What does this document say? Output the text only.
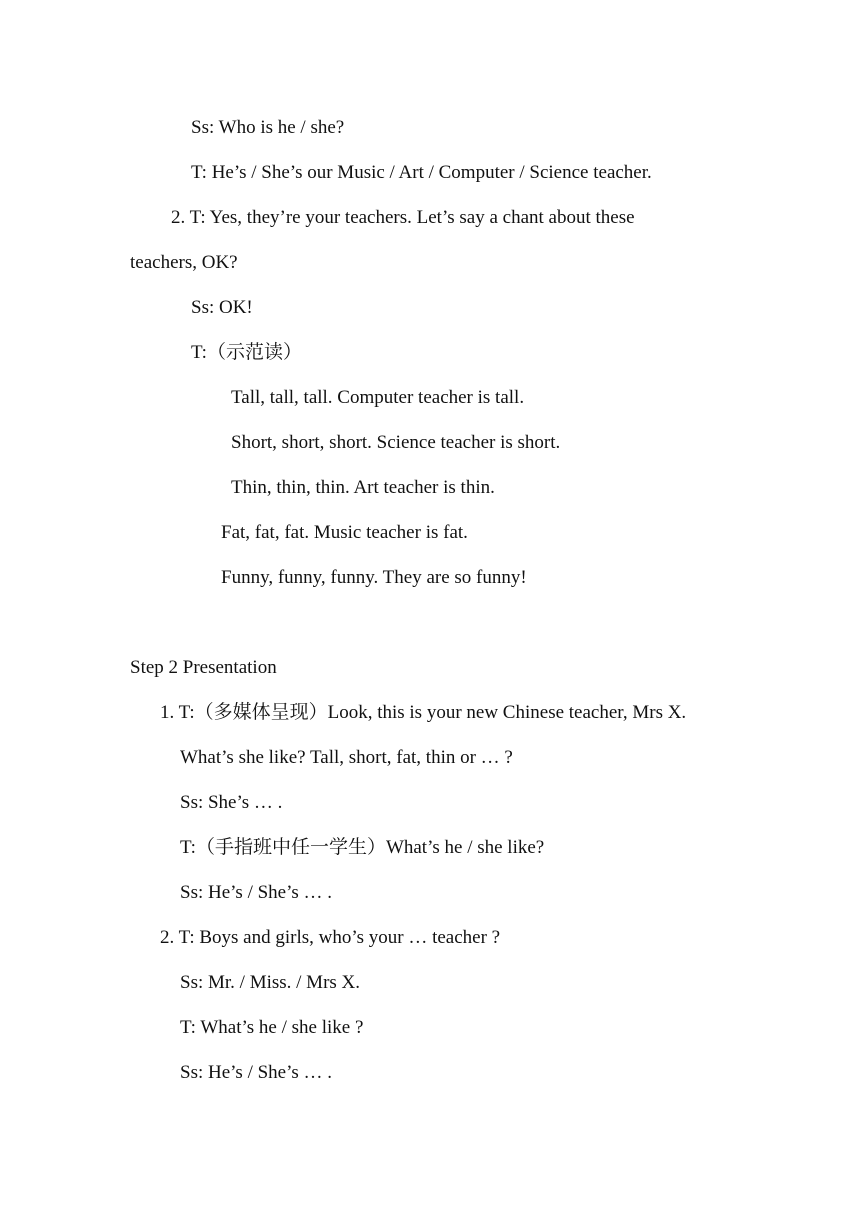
Ss: Who is he / she?
T: He’s / She’s our Music / Art / Computer / Science teacher.
2. T: Yes, they’re your teachers. Let’s say a chant about these
teachers, OK?
Ss: OK!
T:（示范读）
Tall, tall, tall. Computer teacher is tall.
Short, short, short. Science teacher is short.
Thin, thin, thin. Art teacher is thin.
Fat, fat, fat. Music teacher is fat.
Funny, funny, funny. They are so funny!
Step 2 Presentation
1. T:（多媒体呈现）Look, this is your new Chinese teacher, Mrs X.
What’s she like? Tall, short, fat, thin or … ?
Ss: She’s … .
T:（手指班中任一学生）What’s he / she like?
Ss: He’s / She’s … .
2. T: Boys and girls, who’s your … teacher ?
Ss: Mr. / Miss. / Mrs X.
T: What’s he / she like ?
Ss: He’s / She’s … .
